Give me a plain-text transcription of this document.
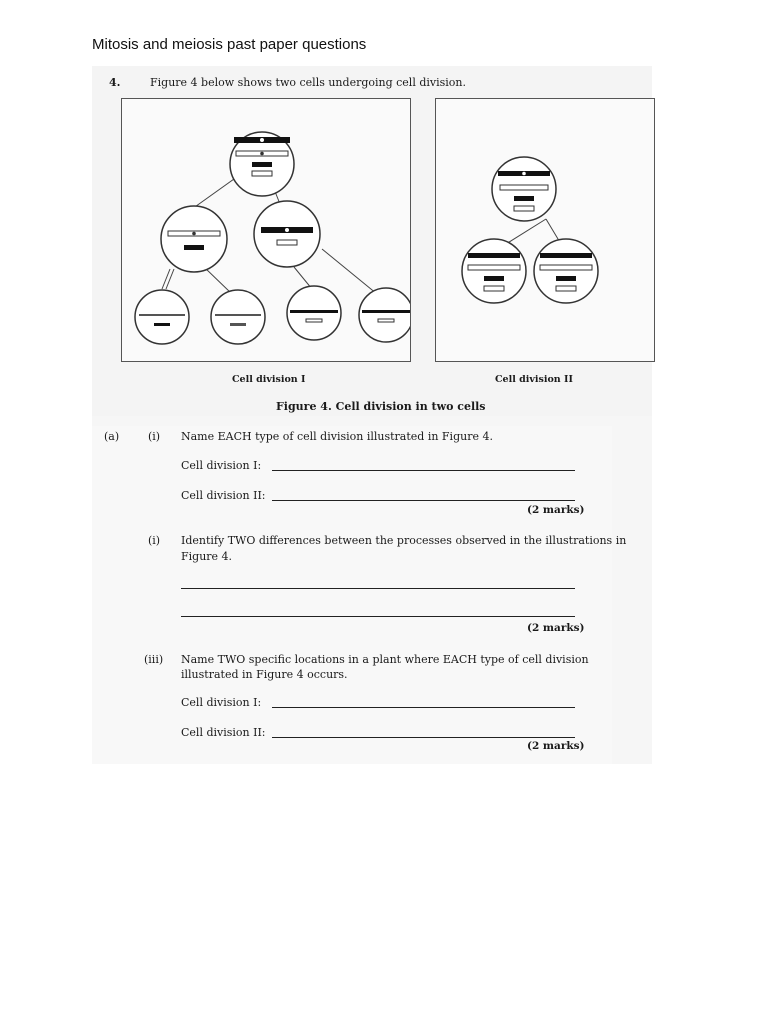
Mitosis and meiosis past paper questions
4.	Figure 4 below shows two cells undergoing cell division.
Cell division I	Cell division II
Figure 4. Cell division in two cells
(a)	(i) Name EACH type of cell division illustrated in Figure 4.
Cell division I:
Cell division II:
(2 marks)
(i) Identify TWO differences between the processes observed in the illustrations in
Figure 4.
(2 marks)
(iii) Name TWO specific locations in a plant where EACH type of cell division
illustrated in Figure 4 occurs.
Cell division I:
Cell division II:
(2 marks)
